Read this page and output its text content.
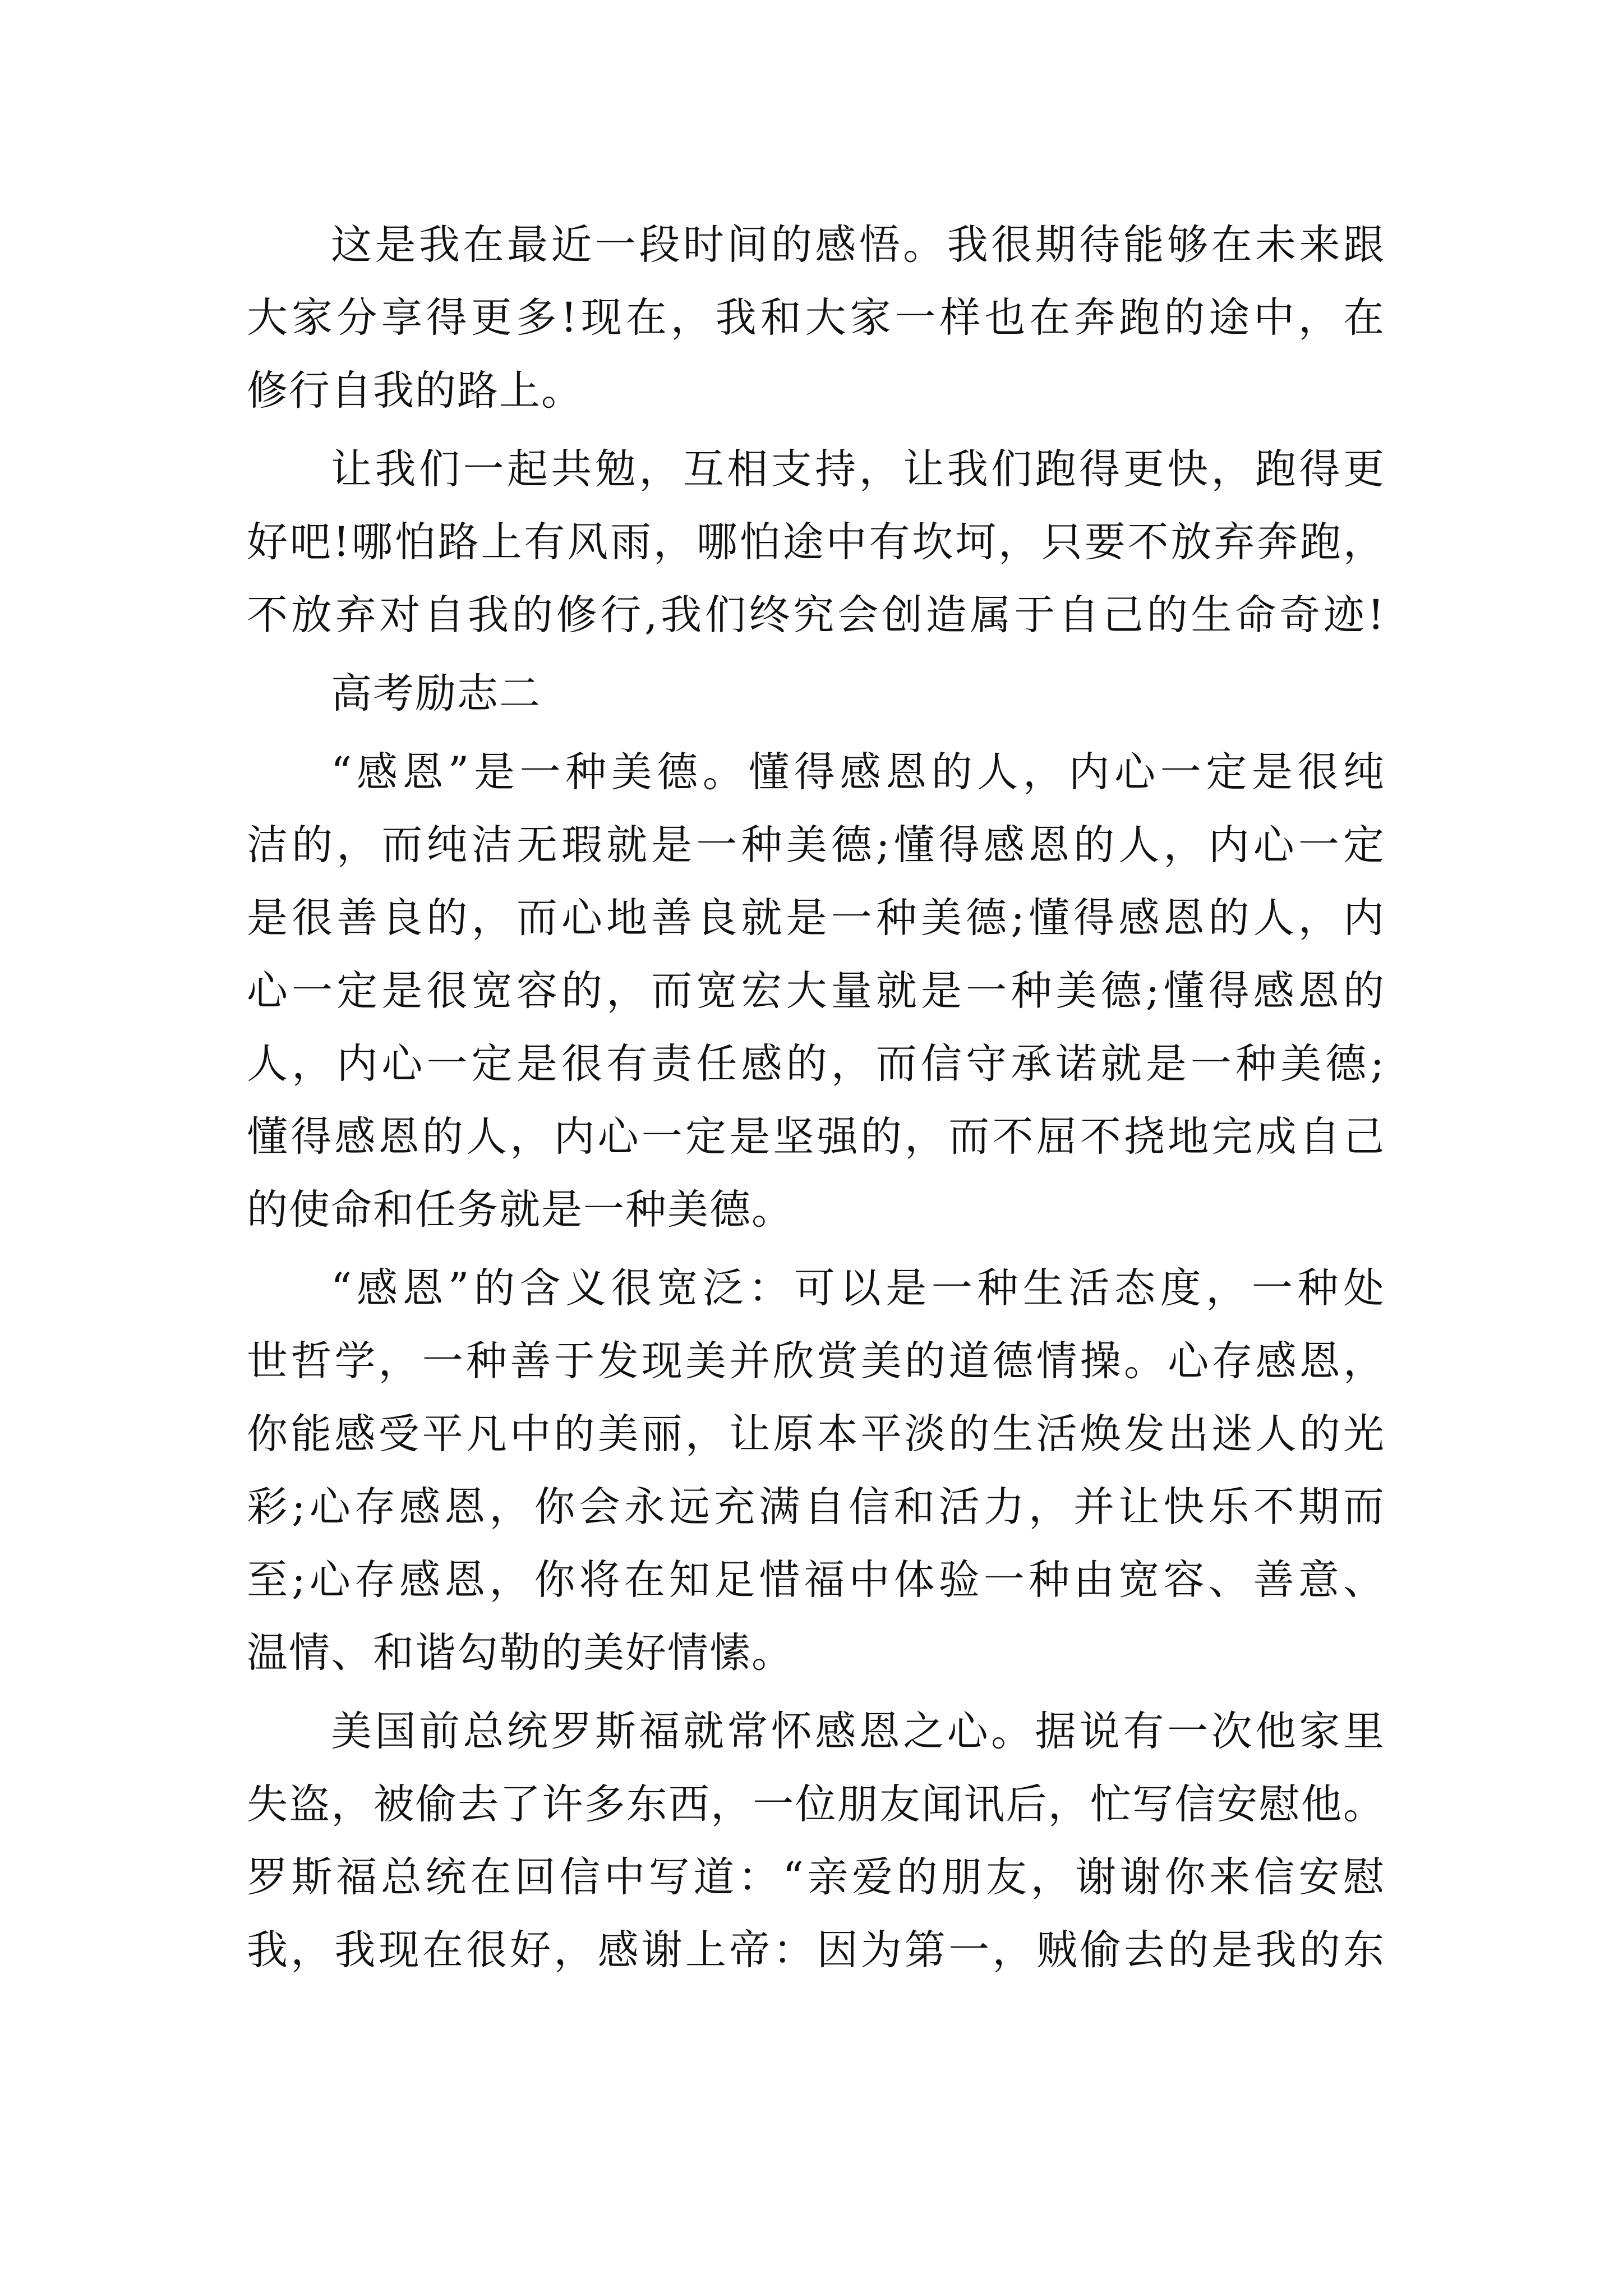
这是我在最近一段时间的感悟。我很期待能够在未来跟
大家分享得更多!现在，我和大家一样也在奔跑的途中，在
修行自我的路上。
让我们一起共勉，互相支持，让我们跑得更快，跑得更
好吧!哪怕路上有风雨，哪怕途中有坎坷，只要不放弃奔跑，
不放弃对自我的修行,我们终究会创造属于自己的生命奇迹!
高考励志二
“感恩”是一种美德。懂得感恩的人，内心一定是很纯
洁的，而纯洁无瑕就是一种美德;懂得感恩的人，内心一定
是很善良的，而心地善良就是一种美德;懂得感恩的人，内
心一定是很宽容的，而宽宏大量就是一种美德;懂得感恩的
人，内心一定是很有责任感的，而信守承诺就是一种美德;
懂得感恩的人，内心一定是坚强的，而不屈不挠地完成自己
的使命和任务就是一种美德。
“感恩”的含义很宽泛：可以是一种生活态度，一种处
世哲学，一种善于发现美并欣赏美的道德情操。心存感恩，
你能感受平凡中的美丽，让原本平淡的生活焕发出迷人的光
彩;心存感恩，你会永远充满自信和活力，并让快乐不期而
至;心存感恩，你将在知足惜福中体验一种由宽容、善意、
温情、和谐勾勒的美好情愫。
美国前总统罗斯福就常怀感恩之心。据说有一次他家里
失盗，被偷去了许多东西，一位朋友闻讯后，忙写信安慰他。
罗斯福总统在回信中写道：“亲爱的朋友，谢谢你来信安慰
我，我现在很好，感谢上帝：因为第一，贼偷去的是我的东
